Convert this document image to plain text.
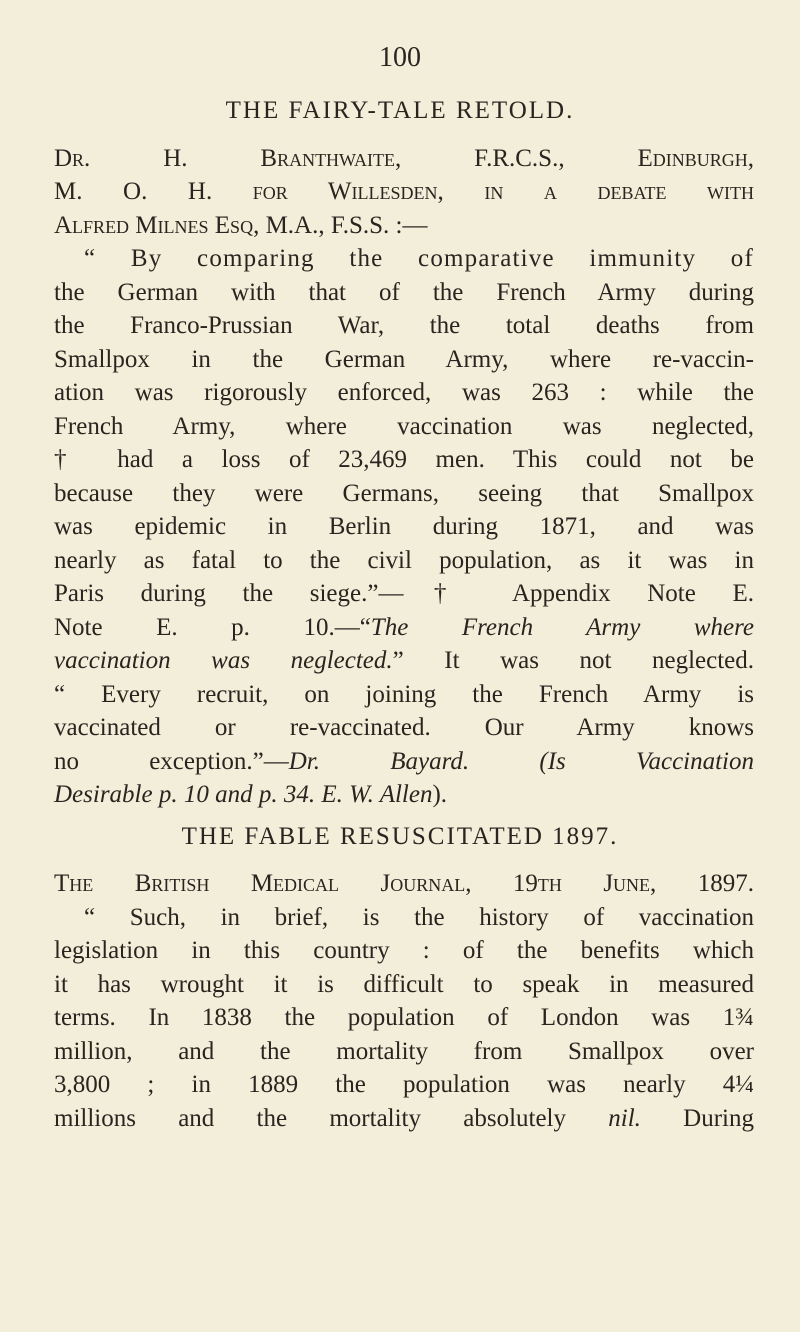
100
THE FAIRY-TALE RETOLD.
Dr. H. Branthwaite, F.R.C.S., Edinburgh,
M. O. H. for Willesden, in a debate with
Alfred Milnes Esq, M.A., F.S.S. :—
“ By comparing the comparative immunity of
the German with that of the French Army during
the Franco-Prussian War, the total deaths from
Smallpox in the German Army, where re-vaccin-
ation was rigorously enforced, was 263 : while the
French Army, where vaccination was neglected,
† had a loss of 23,469 men. This could not be
because they were Germans, seeing that Smallpox
was epidemic in Berlin during 1871, and was
nearly as fatal to the civil population, as it was in
Paris during the siege.”—† Appendix Note E.
Note E. p. 10.—“The French Army where
vaccination was neglected.” It was not neglected.
“ Every recruit, on joining the French Army is
vaccinated or re-vaccinated. Our Army knows
no exception.”—Dr. Bayard.	(Is Vaccination
Desirable p. 10 and p. 34. E. W. Allen).
THE FABLE RESUSCITATED 1897.
The British Medical Journal, 19th June, 1897.
“ Such, in brief, is the history of vaccination
legislation in this country : of the benefits which
it has wrought it is difficult to speak in measured
terms. In 1838 the population of London was 1¾
million, and the mortality from Smallpox over
3,800 ; in 1889 the population was nearly 4¼
millions and the mortality absolutely nil. During
